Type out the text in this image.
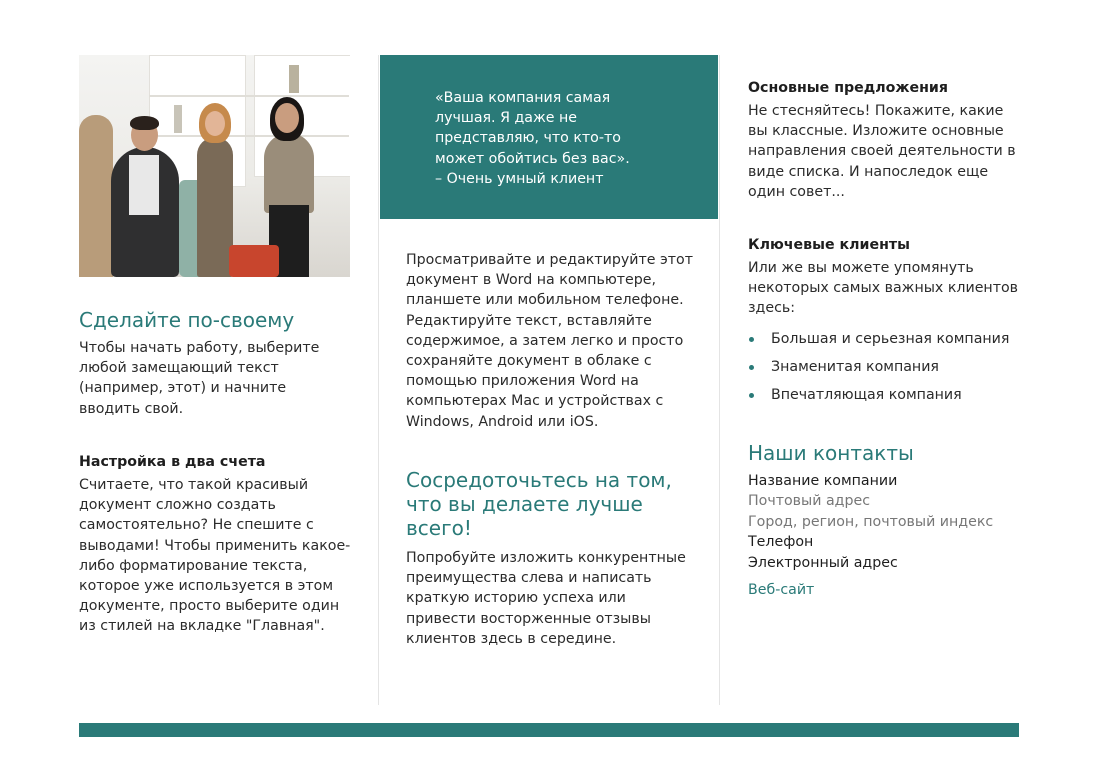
Сделайте по-своему

Чтобы начать работу, выберите любой замещающий текст (например, этот) и начните вводить свой.

Настройка в два счета

Считаете, что такой красивый документ сложно создать самостоятельно? Не спешите с выводами! Чтобы применить какое-либо форматирование текста, которое уже используется в этом документе, просто выберите один из стилей на вкладке "Главная".

«Ваша компания самая лучшая. Я даже не представляю, что кто-то может обойтись без вас».
– Очень умный клиент

Просматривайте и редактируйте этот документ в Word на компьютере, планшете или мобильном телефоне. Редактируйте текст, вставляйте содержимое, а затем легко и просто сохраняйте документ в облаке с помощью приложения Word на компьютерах Mac и устройствах с Windows, Android или iOS.

Сосредоточьтесь на том, что вы делаете лучше всего!

Попробуйте изложить конкурентные преимущества слева и написать краткую историю успеха или привести восторженные отзывы клиентов здесь в середине.

Основные предложения

Не стесняйтесь! Покажите, какие вы классные. Изложите основные направления своей деятельности в виде списка. И напоследок еще один совет...

Ключевые клиенты

Или же вы можете упомянуть некоторых самых важных клиентов здесь:

Большая и серьезная компания
Знаменитая компания
Впечатляющая компания
Наши контакты
Название компании
Почтовый адрес
Город, регион, почтовый индекс
Телефон
Электронный адрес
Веб-сайт
